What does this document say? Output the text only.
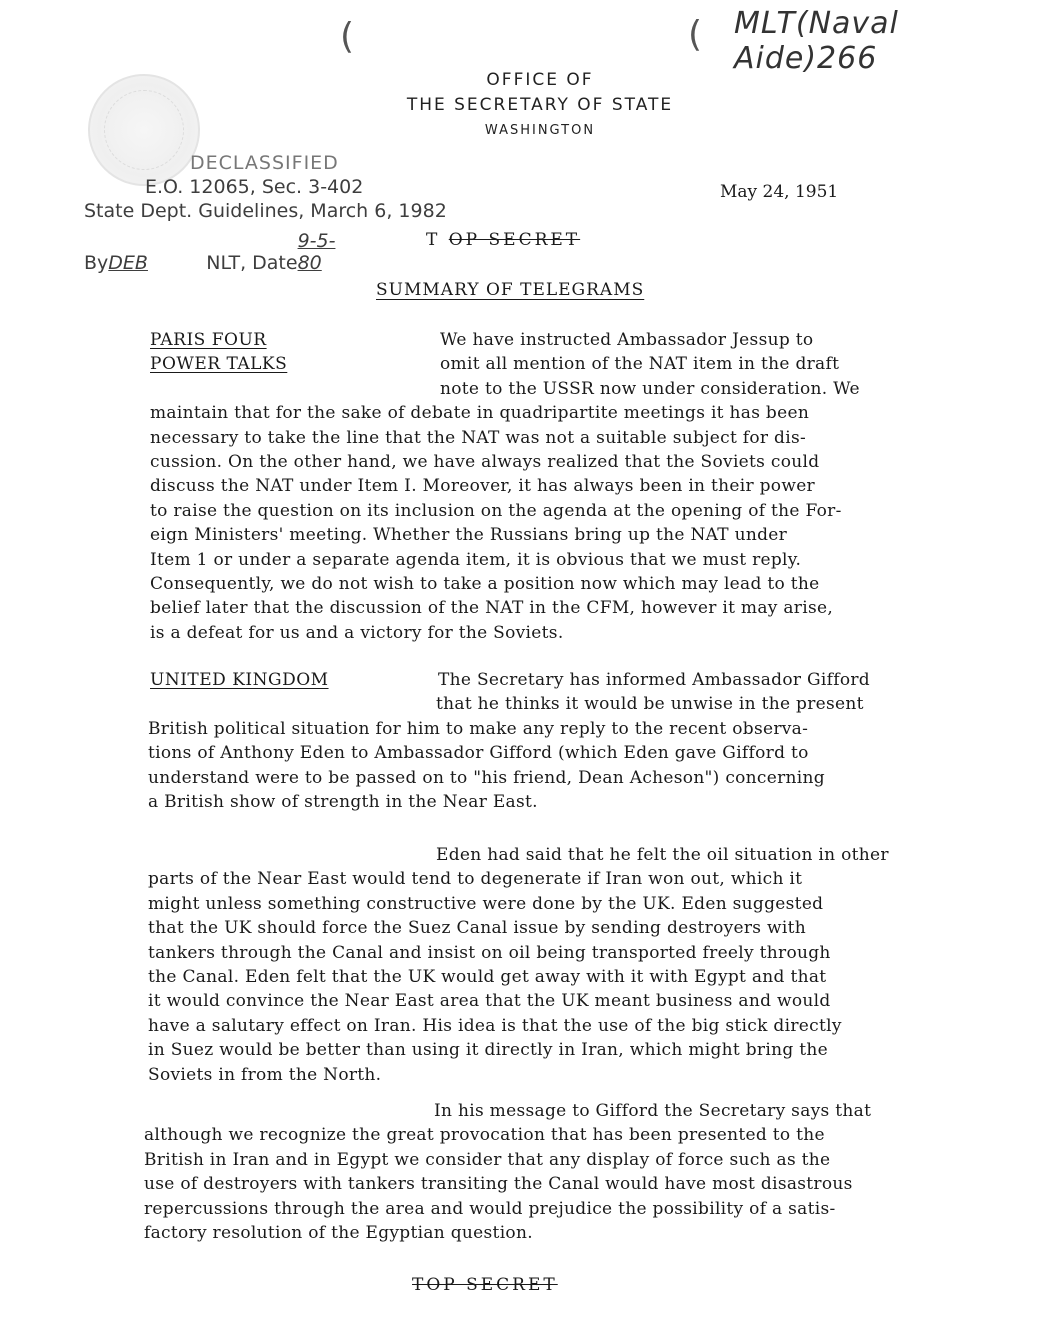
(	( MLT(Naval Aide)266
OFFICE OF
THE SECRETARY OF STATE
WASHINGTON
DECLASSIFIED
E.O. 12065, Sec. 3-402
State Dept. Guidelines, March 6, 1982
ByDEB	NLT, Date9-5-80
May 24, 1951
T OP SECRET
SUMMARY OF TELEGRAMS
PARIS FOUR
POWER TALKS
We have instructed Ambassador Jessup to
omit all mention of the NAT item in the draft
note to the USSR now under consideration. We
maintain that for the sake of debate in quadripartite meetings it has been
necessary to take the line that the NAT was not a suitable subject for dis-
cussion. On the other hand, we have always realized that the Soviets could
discuss the NAT under Item I. Moreover, it has always been in their power
to raise the question on its inclusion on the agenda at the opening of the For-
eign Ministers' meeting. Whether the Russians bring up the NAT under
Item 1 or under a separate agenda item, it is obvious that we must reply.
Consequently, we do not wish to take a position now which may lead to the
belief later that the discussion of the NAT in the CFM, however it may arise,
is a defeat for us and a victory for the Soviets.
UNITED KINGDOM	The Secretary has informed Ambassador Gifford
that he thinks it would be unwise in the present
British political situation for him to make any reply to the recent observa-
tions of Anthony Eden to Ambassador Gifford (which Eden gave Gifford to
understand were to be passed on to "his friend, Dean Acheson") concerning
a British show of strength in the Near East.
Eden had said that he felt the oil situation in other
parts of the Near East would tend to degenerate if Iran won out, which it
might unless something constructive were done by the UK. Eden suggested
that the UK should force the Suez Canal issue by sending destroyers with
tankers through the Canal and insist on oil being transported freely through
the Canal. Eden felt that the UK would get away with it with Egypt and that
it would convince the Near East area that the UK meant business and would
have a salutary effect on Iran. His idea is that the use of the big stick directly
in Suez would be better than using it directly in Iran, which might bring the
Soviets in from the North.
In his message to Gifford the Secretary says that
although we recognize the great provocation that has been presented to the
British in Iran and in Egypt we consider that any display of force such as the
use of destroyers with tankers transiting the Canal would have most disastrous
repercussions through the area and would prejudice the possibility of a satis-
factory resolution of the Egyptian question.
TOP SECRET
